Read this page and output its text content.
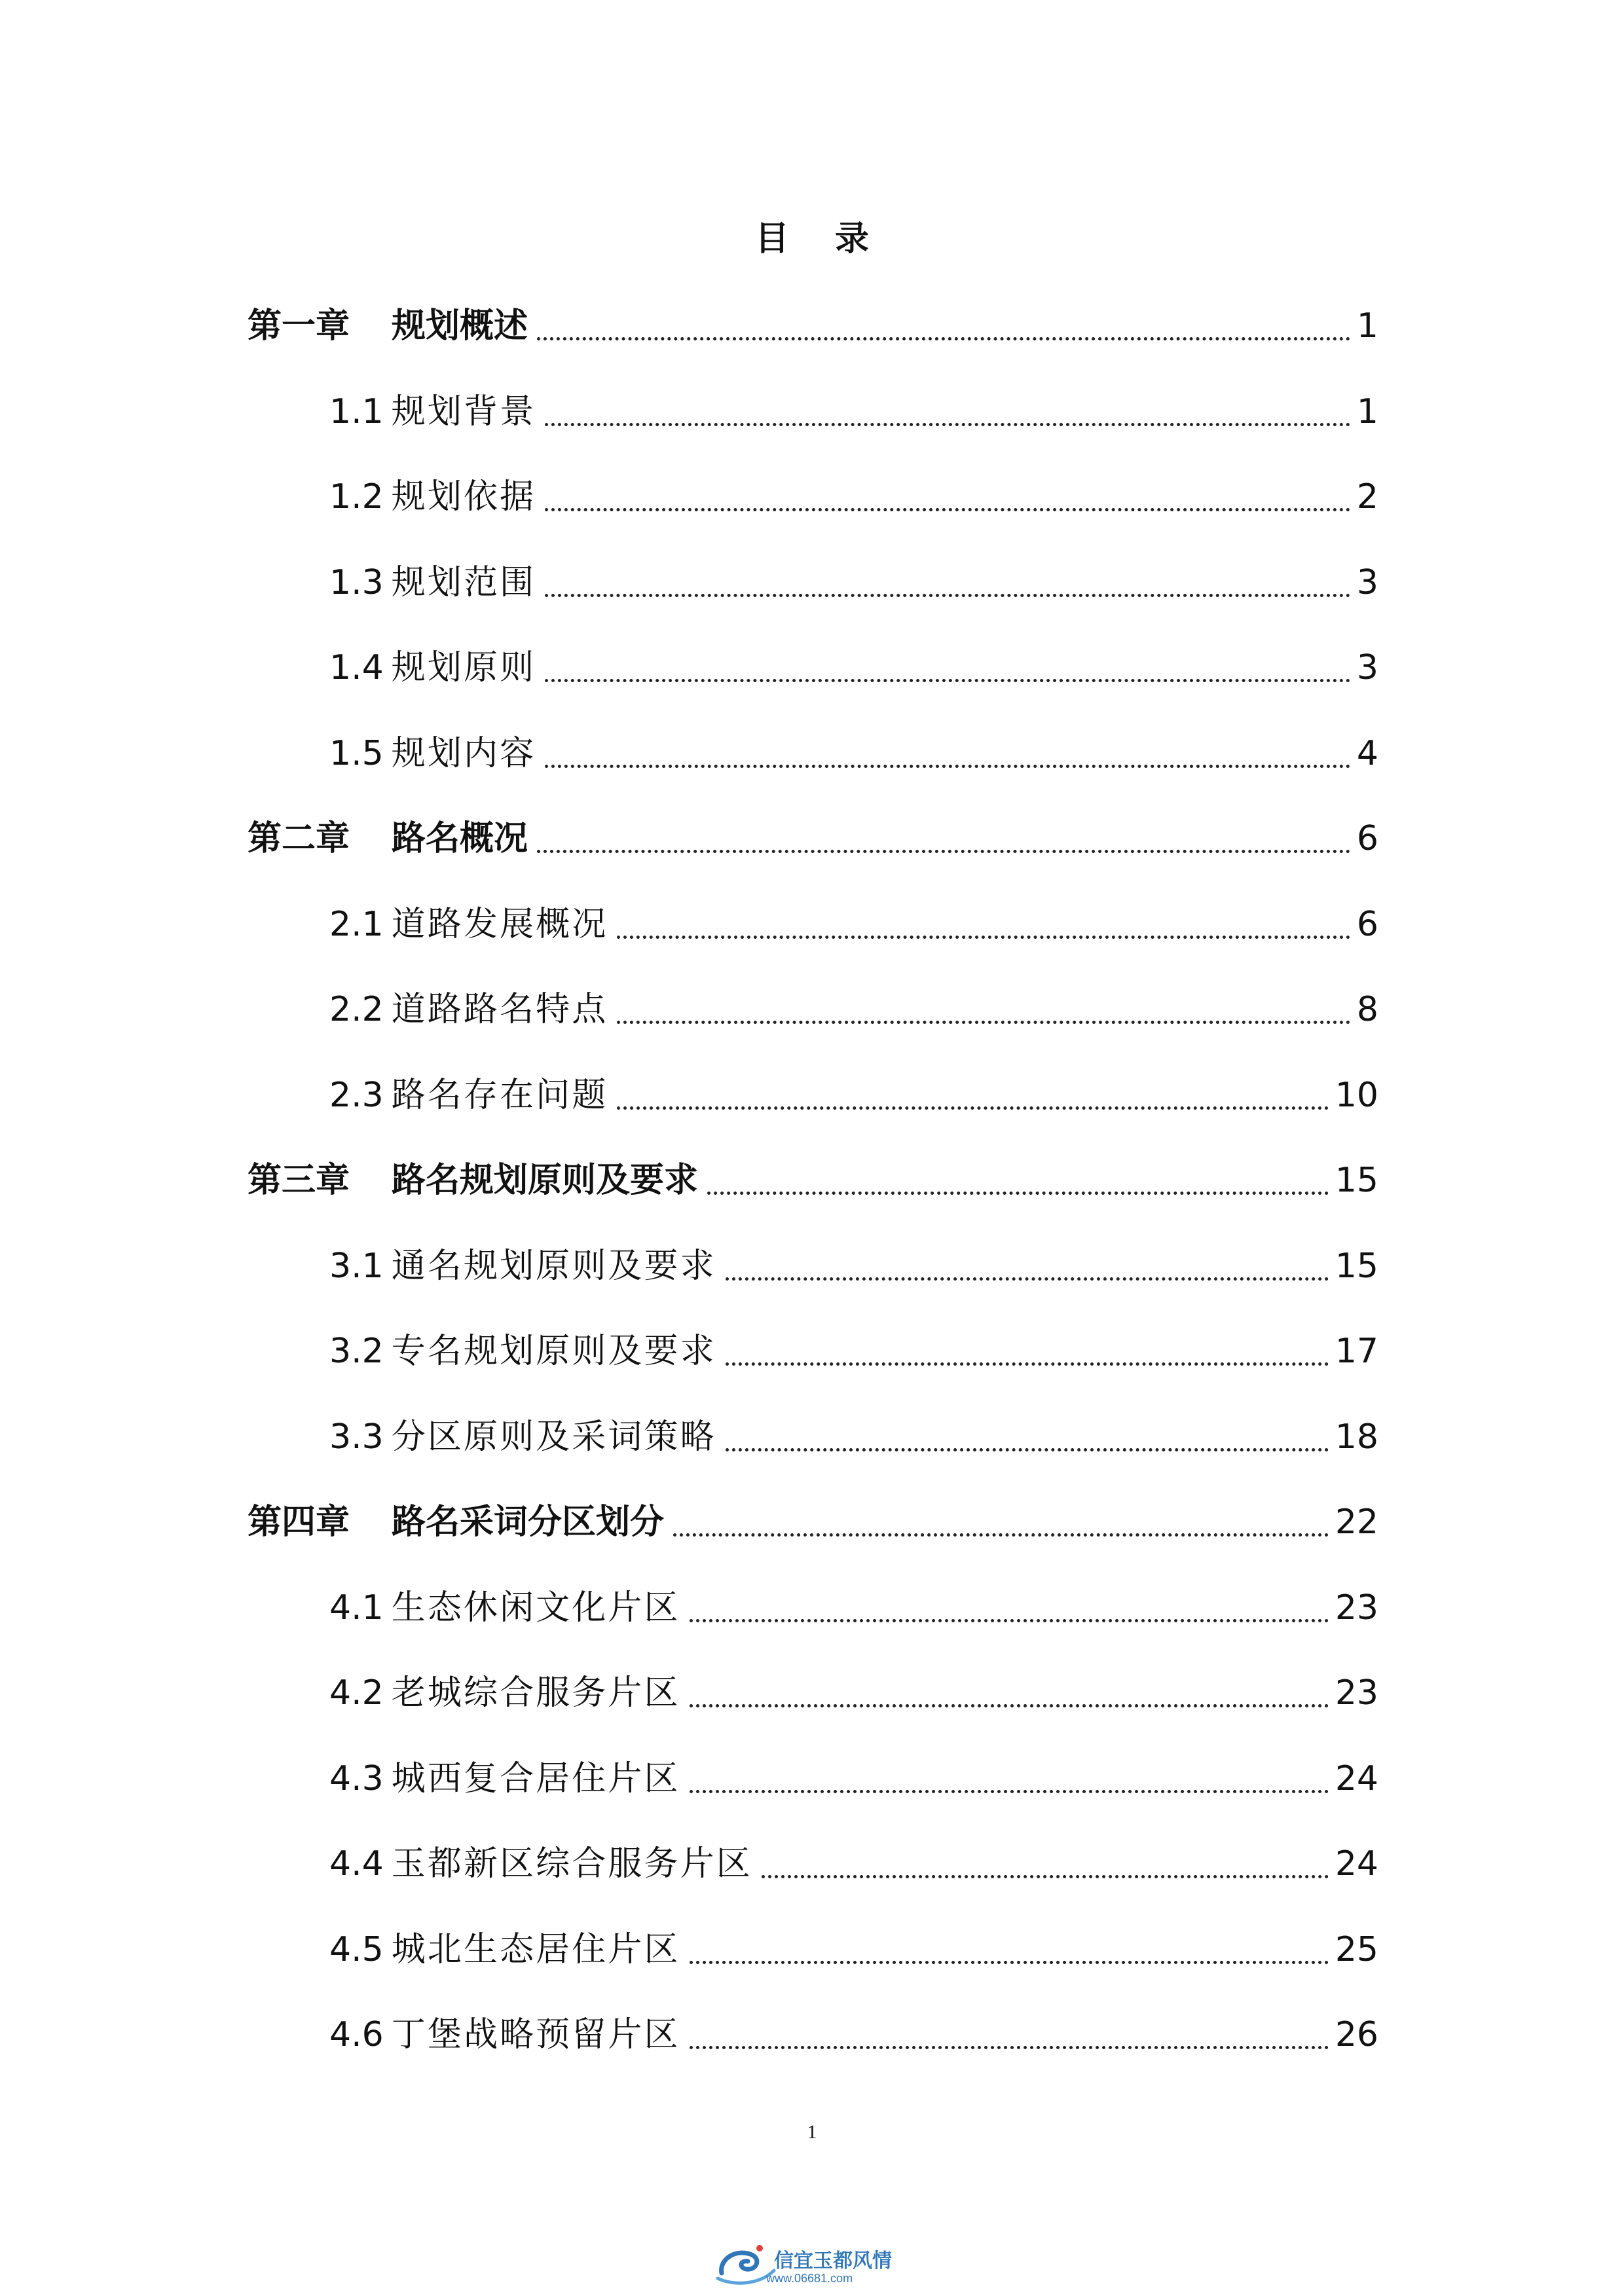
目 录
第一章 规划概述	1
1.1 规划背景	1
1.2 规划依据	2
1.3 规划范围	3
1.4 规划原则	3
1.5 规划内容	4
第二章 路名概况	6
2.1 道路发展概况	6
2.2 道路路名特点	8
2.3 路名存在问题	10
第三章 路名规划原则及要求	15
3.1 通名规划原则及要求	15
3.2 专名规划原则及要求	17
3.3 分区原则及采词策略	18
第四章 路名采词分区划分	22
4.1 生态休闲文化片区	23
4.2 老城综合服务片区	23
4.3 城西复合居住片区	24
4.4 玉都新区综合服务片区	24
4.5 城北生态居住片区	25
4.6 丁堡战略预留片区	26
1
信宜玉都风情
www.06681.com
